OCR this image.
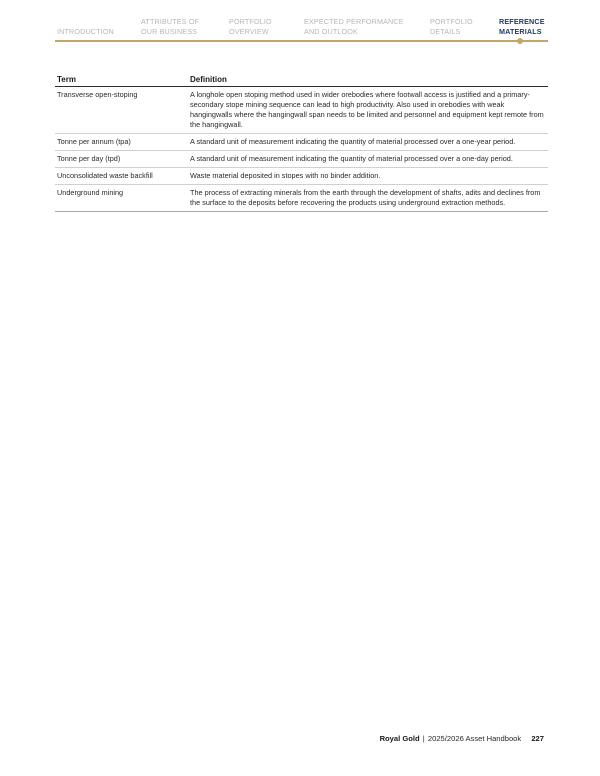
INTRODUCTION
ATTRIBUTES OF
OUR BUSINESS
PORTFOLIO
OVERVIEW
EXPECTED PERFORMANCE
AND OUTLOOK
PORTFOLIO
DETAILS
REFERENCE
MATERIALS
Term	Definition
Transverse open-stoping	A longhole open stoping method used in wider orebodies where footwall access is justified and a primary-secondary stope mining sequence can lead to high productivity. Also used in orebodies with weak hangingwalls where the hangingwall span needs to be limited and personnel and equipment kept remote from the hangingwall.
Tonne per annum (tpa)	A standard unit of measurement indicating the quantity of material processed over a one-year period.
Tonne per day (tpd)	A standard unit of measurement indicating the quantity of material processed over a one-day period.
Unconsolidated waste backfill	Waste material deposited in stopes with no binder addition.
Underground mining	The process of extracting minerals from the earth through the development of shafts, adits and declines from the surface to the deposits before recovering the products using underground extraction methods.
Royal Gold | 2025/2026 Asset Handbook 227
